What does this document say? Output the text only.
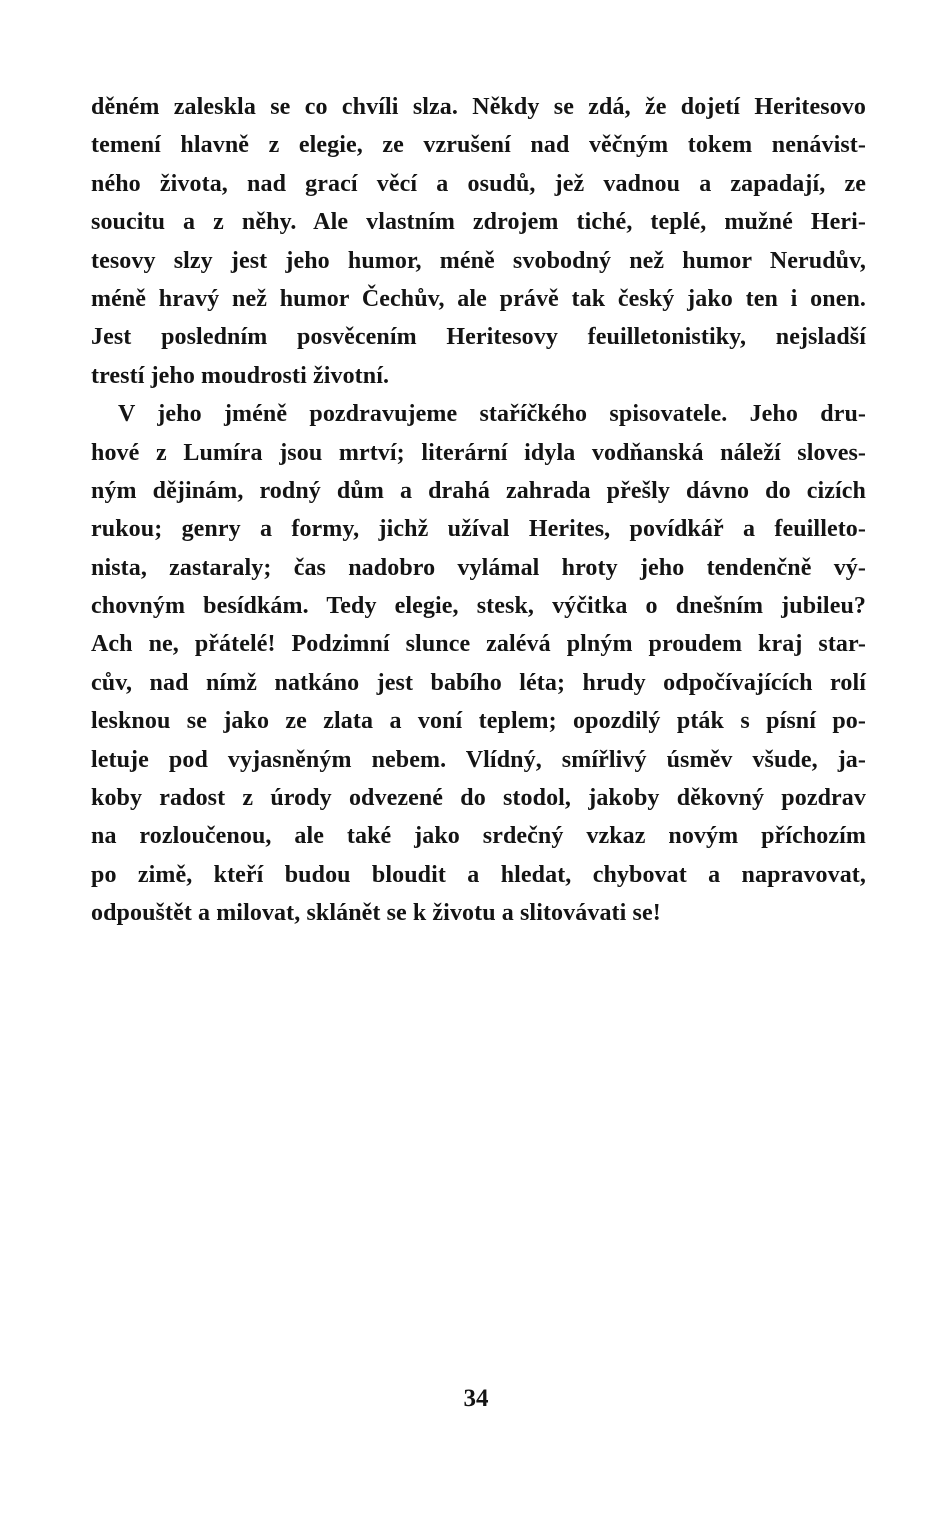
děném zaleskla se co chvíli slza. Někdy se zdá, že dojetí Heritesovo
temení hlavně z elegie, ze vzrušení nad věčným tokem nenávist-
ného života, nad grací věcí a osudů, jež vadnou a zapadají, ze
soucitu a z něhy. Ale vlastním zdrojem tiché, teplé, mužné Heri-
tesovy slzy jest jeho humor, méně svobodný než humor Nerudův,
méně hravý než humor Čechův, ale právě tak český jako ten i onen.
Jest posledním posvěcením Heritesovy feuilletonistiky, nejsladší
trestí jeho moudrosti životní.
V jeho jméně pozdravujeme staříčkého spisovatele. Jeho dru-
hové z Lumíra jsou mrtví; literární idyla vodňanská náleží sloves-
ným dějinám, rodný dům a drahá zahrada přešly dávno do cizích
rukou; genry a formy, jichž užíval Herites, povídkář a feuilleto-
nista, zastaraly; čas nadobro vylámal hroty jeho tendenčně vý-
chovným besídkám. Tedy elegie, stesk, výčitka o dnešním jubileu?
Ach ne, přátelé! Podzimní slunce zalévá plným proudem kraj star-
cův, nad nímž natkáno jest babího léta; hrudy odpočívajících rolí
lesknou se jako ze zlata a voní teplem; opozdilý pták s písní po-
letuje pod vyjasněným nebem. Vlídný, smířlivý úsměv všude, ja-
koby radost z úrody odvezené do stodol, jakoby děkovný pozdrav
na rozloučenou, ale také jako srdečný vzkaz novým příchozím
po zimě, kteří budou bloudit a hledat, chybovat a napravovat,
odpouštět a milovat, sklánět se k životu a slitovávati se!
34
